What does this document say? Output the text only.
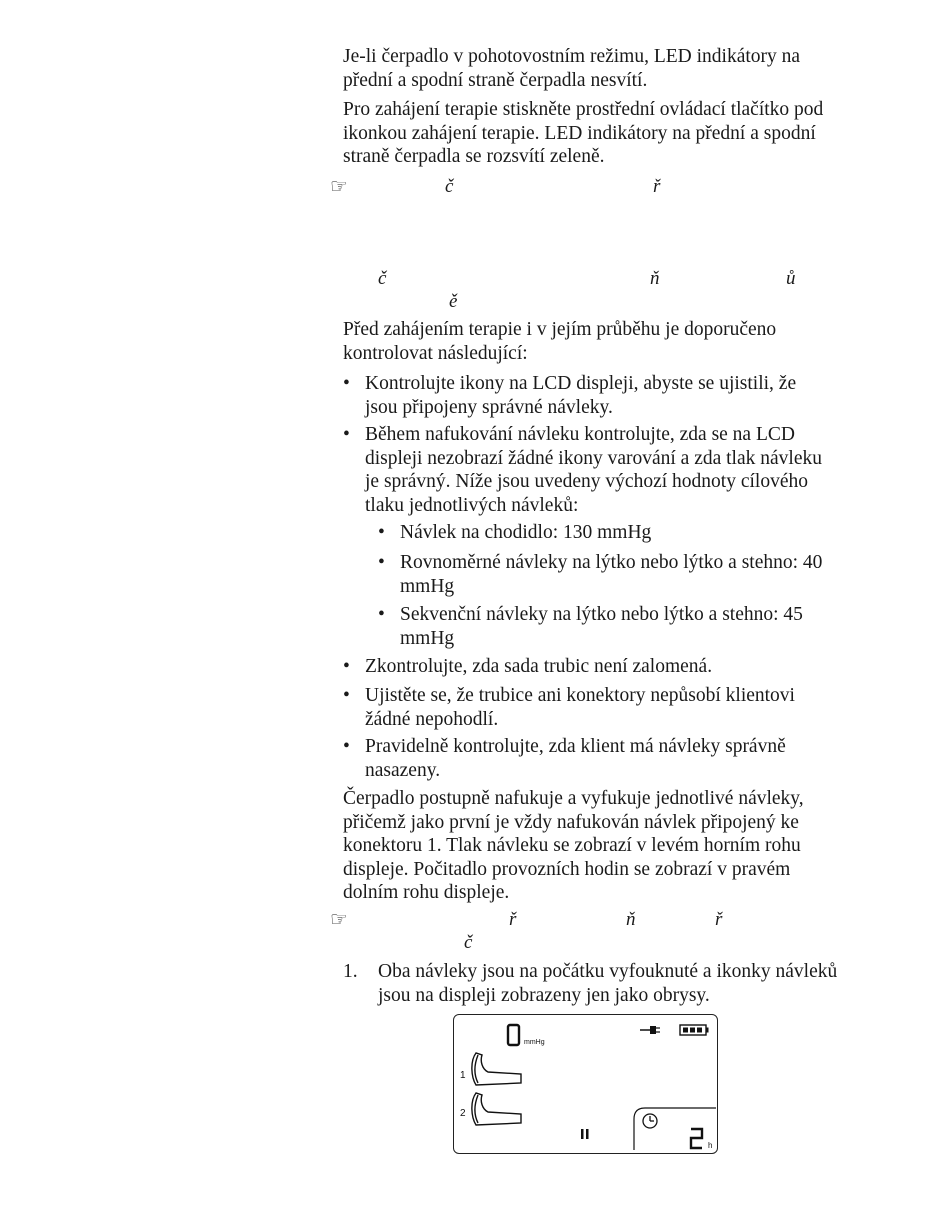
Je-li čerpadlo v pohotovostním režimu, LED indikátory na přední a spodní straně čerpadla nesvítí.

Pro zahájení terapie stiskněte prostřední ovládací tlačítko pod ikonkou zahájení terapie. LED indikátory na přední a spodní straně čerpadla se rozsvítí zeleně.

☞	č	ř
č	ň	ů
ě

Před zahájením terapie i v jejím průběhu je doporučeno kontrolovat následující:

• Kontrolujte ikony na LCD displeji, abyste se ujistili, že jsou připojeny správné návleky.
• Během nafukování návleku kontrolujte, zda se na LCD displeji nezobrazí žádné ikony varování a zda tlak návleku je správný. Níže jsou uvedeny výchozí hodnoty cílového tlaku jednotlivých návleků:
• Návlek na chodidlo: 130 mmHg
• Rovnoměrné návleky na lýtko nebo lýtko a stehno: 40 mmHg
• Sekvenční návleky na lýtko nebo lýtko a stehno: 45 mmHg
• Zkontrolujte, zda sada trubic není zalomená.
• Ujistěte se, že trubice ani konektory nepůsobí klientovi žádné nepohodlí.
• Pravidelně kontrolujte, zda klient má návleky správně nasazeny.

Čerpadlo postupně nafukuje a vyfukuje jednotlivé návleky, přičemž jako první je vždy nafukován návlek připojený ke konektoru 1. Tlak návleku se zobrazí v levém horním rohu displeje. Počitadlo provozních hodin se zobrazí v pravém dolním rohu displeje.

☞	ř	ň	ř
č
1. Oba návleky jsou na počátku vyfouknuté a ikonky návleků jsou na displeji zobrazeny jen jako obrysy.
mmHg
1
2
h
